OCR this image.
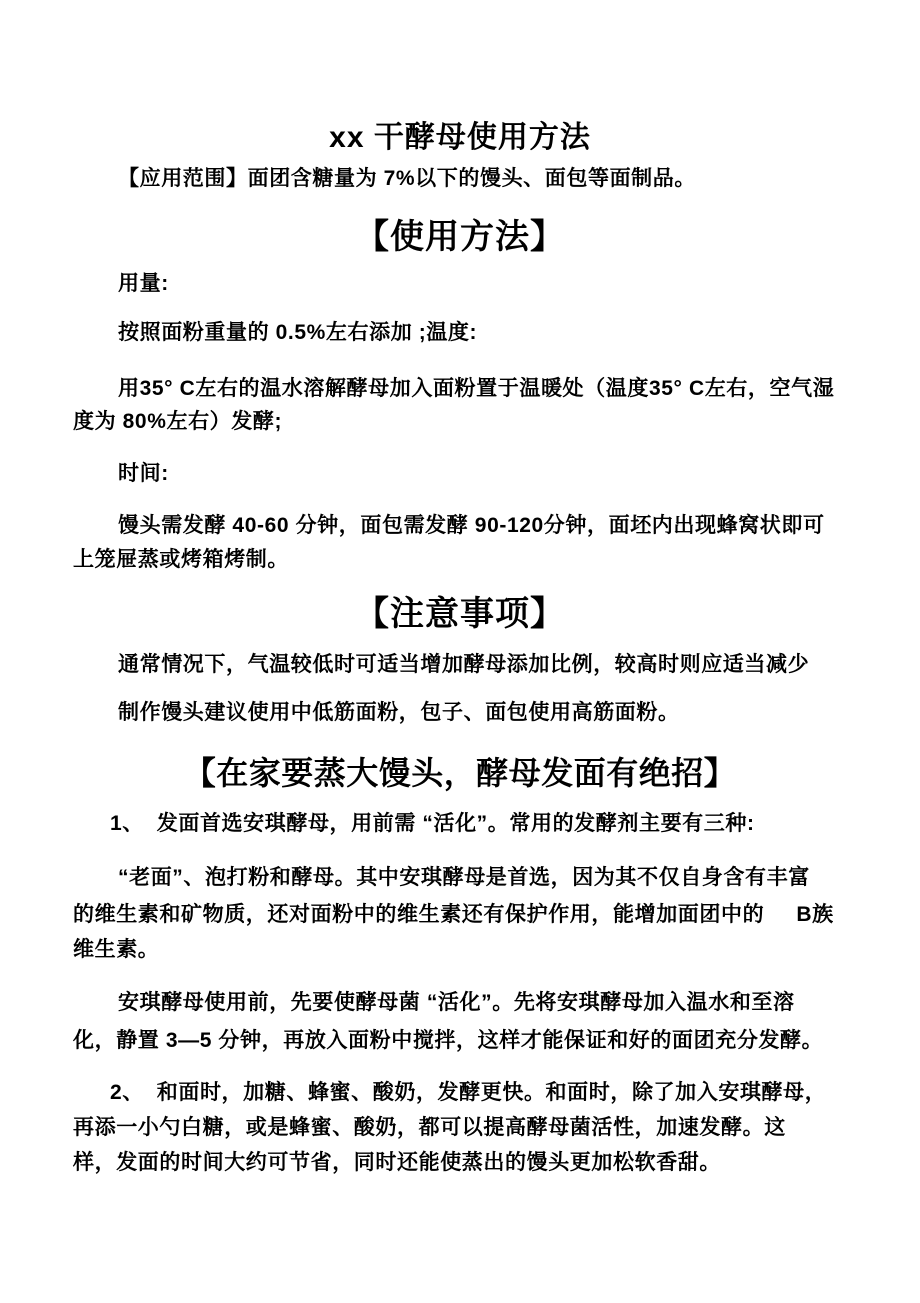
xx 干酵母使用方法
【应用范围】面团含糖量为 7%以下的馒头、面包等面制品。
【使用方法】
用量:
按照面粉重量的 0.5%左右添加 ;温度:
用35° C左右的温水溶解酵母加入面粉置于温暖处（温度35° C左右，空气湿
度为 80%左右）发酵;
时间:
馒头需发酵 40-60 分钟，面包需发酵 90-120分钟，面坯内出现蜂窝状即可
上笼屉蒸或烤箱烤制。
【注意事项】
通常情况下，气温较低时可适当增加酵母添加比例，较高时则应适当减少
制作馒头建议使用中低筋面粉，包子、面包使用高筋面粉。
【在家要蒸大馒头，酵母发面有绝招】
1、  发面首选安琪酵母，用前需 “活化”。常用的发酵剂主要有三种:
“老面”、泡打粉和酵母。其中安琪酵母是首选，因为其不仅自身含有丰富
的维生素和矿物质，还对面粉中的维生素还有保护作用，能增加面团中的     B族
维生素。
安琪酵母使用前，先要使酵母菌 “活化”。先将安琪酵母加入温水和至溶
化，静置 3—5 分钟，再放入面粉中搅拌，这样才能保证和好的面团充分发酵。
2、  和面时，加糖、蜂蜜、酸奶，发酵更快。和面时，除了加入安琪酵母，
再添一小勺白糖，或是蜂蜜、酸奶，都可以提高酵母菌活性，加速发酵。这
样，发面的时间大约可节省，同时还能使蒸出的馒头更加松软香甜。
